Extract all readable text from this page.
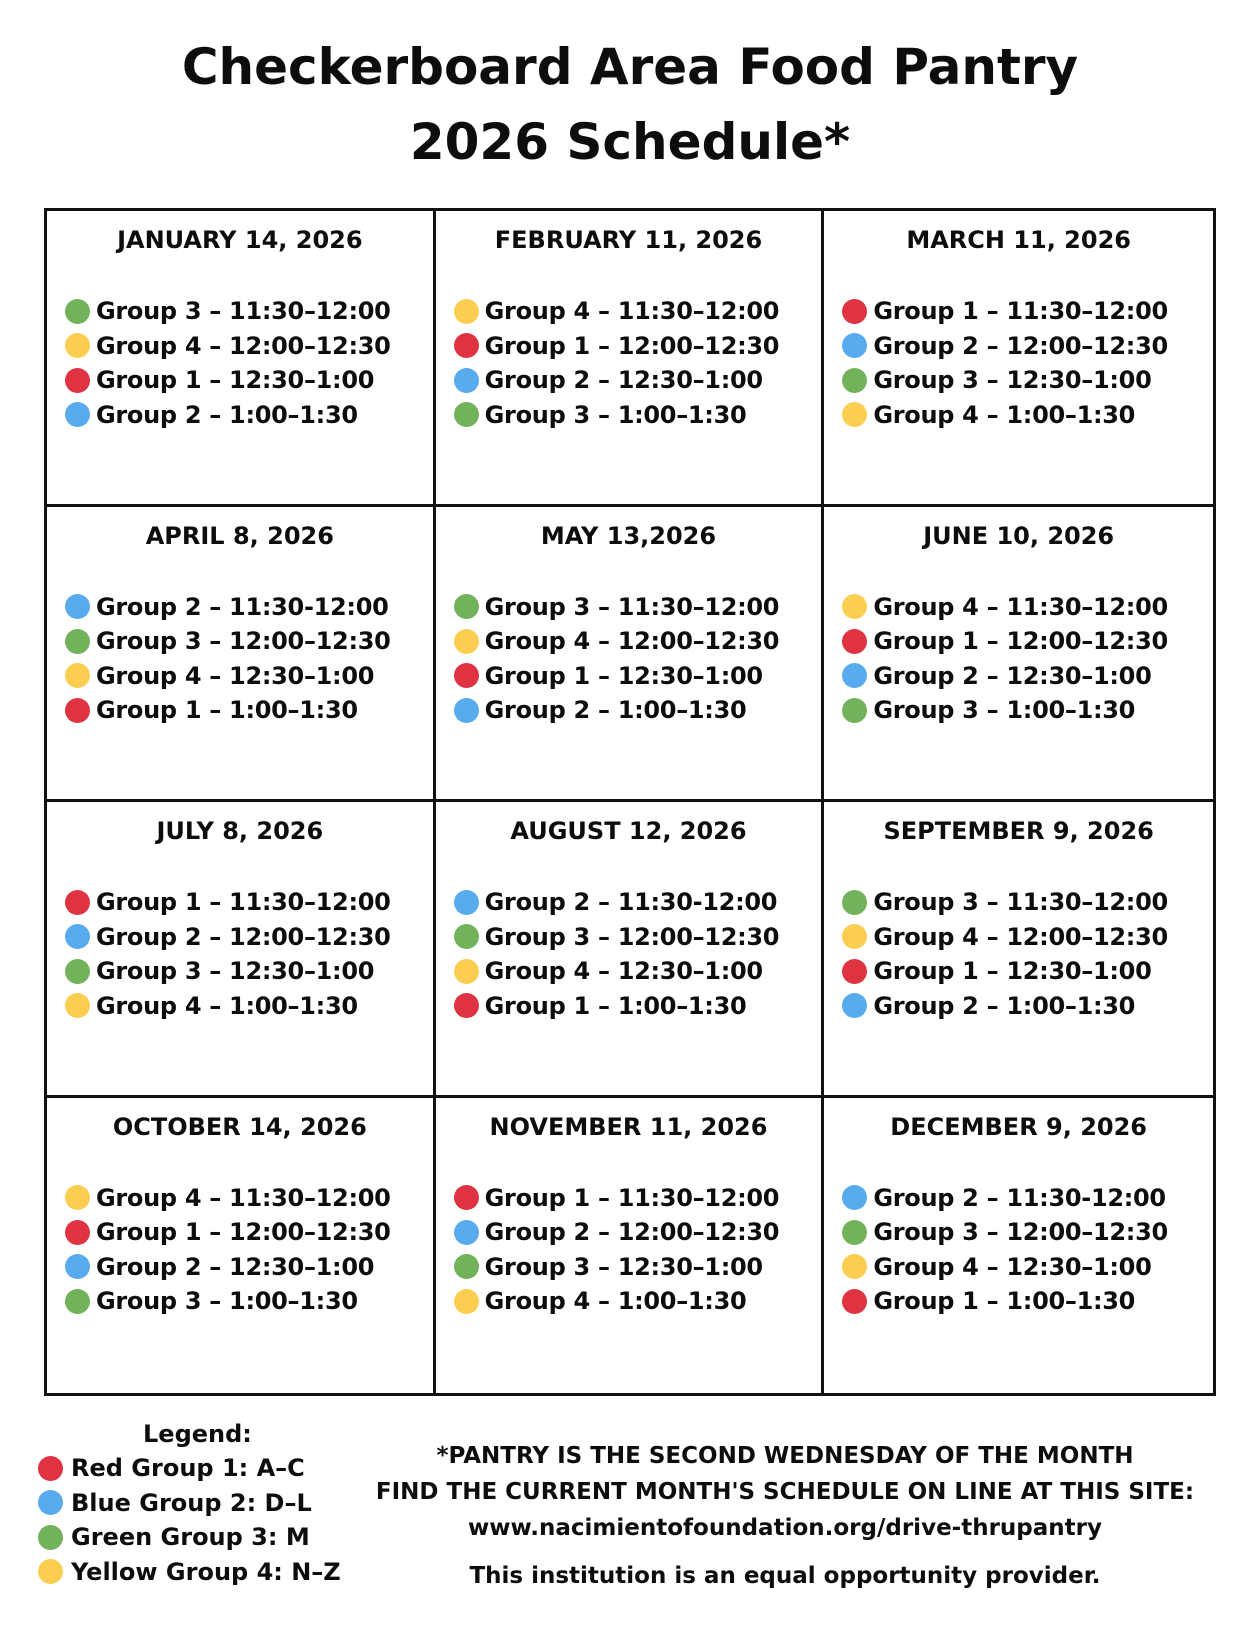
Checkerboard Area Food Pantry
2026 Schedule*
JANUARY 14, 2026
Group 3 – 11:30–12:00
Group 4 – 12:00–12:30
Group 1 – 12:30–1:00
Group 2 – 1:00–1:30
FEBRUARY 11, 2026
Group 4 – 11:30–12:00
Group 1 – 12:00–12:30
Group 2 – 12:30–1:00
Group 3 – 1:00–1:30
MARCH 11, 2026
Group 1 – 11:30–12:00
Group 2 – 12:00–12:30
Group 3 – 12:30–1:00
Group 4 – 1:00–1:30
APRIL 8, 2026
Group 2 – 11:30-12:00
Group 3 – 12:00–12:30
Group 4 – 12:30–1:00
Group 1 – 1:00–1:30
MAY 13,2026
Group 3 – 11:30–12:00
Group 4 – 12:00–12:30
Group 1 – 12:30–1:00
Group 2 – 1:00–1:30
JUNE 10, 2026
Group 4 – 11:30–12:00
Group 1 – 12:00–12:30
Group 2 – 12:30–1:00
Group 3 – 1:00–1:30
JULY 8, 2026
Group 1 – 11:30–12:00
Group 2 – 12:00–12:30
Group 3 – 12:30–1:00
Group 4 – 1:00–1:30
AUGUST 12, 2026
Group 2 – 11:30-12:00
Group 3 – 12:00–12:30
Group 4 – 12:30–1:00
Group 1 – 1:00–1:30
SEPTEMBER 9, 2026
Group 3 – 11:30–12:00
Group 4 – 12:00–12:30
Group 1 – 12:30–1:00
Group 2 – 1:00–1:30
OCTOBER 14, 2026
Group 4 – 11:30–12:00
Group 1 – 12:00–12:30
Group 2 – 12:30–1:00
Group 3 – 1:00–1:30
NOVEMBER 11, 2026
Group 1 – 11:30–12:00
Group 2 – 12:00–12:30
Group 3 – 12:30–1:00
Group 4 – 1:00–1:30
DECEMBER 9, 2026
Group 2 – 11:30-12:00
Group 3 – 12:00–12:30
Group 4 – 12:30–1:00
Group 1 – 1:00–1:30
Legend:
Red Group 1: A–C
Blue Group 2: D–L
Green Group 3: M
Yellow Group 4: N–Z
*PANTRY IS THE SECOND WEDNESDAY OF THE MONTH
FIND THE CURRENT MONTH'S SCHEDULE ON LINE AT THIS SITE:
www.nacimientofoundation.org/drive-thrupantry
This institution is an equal opportunity provider.
